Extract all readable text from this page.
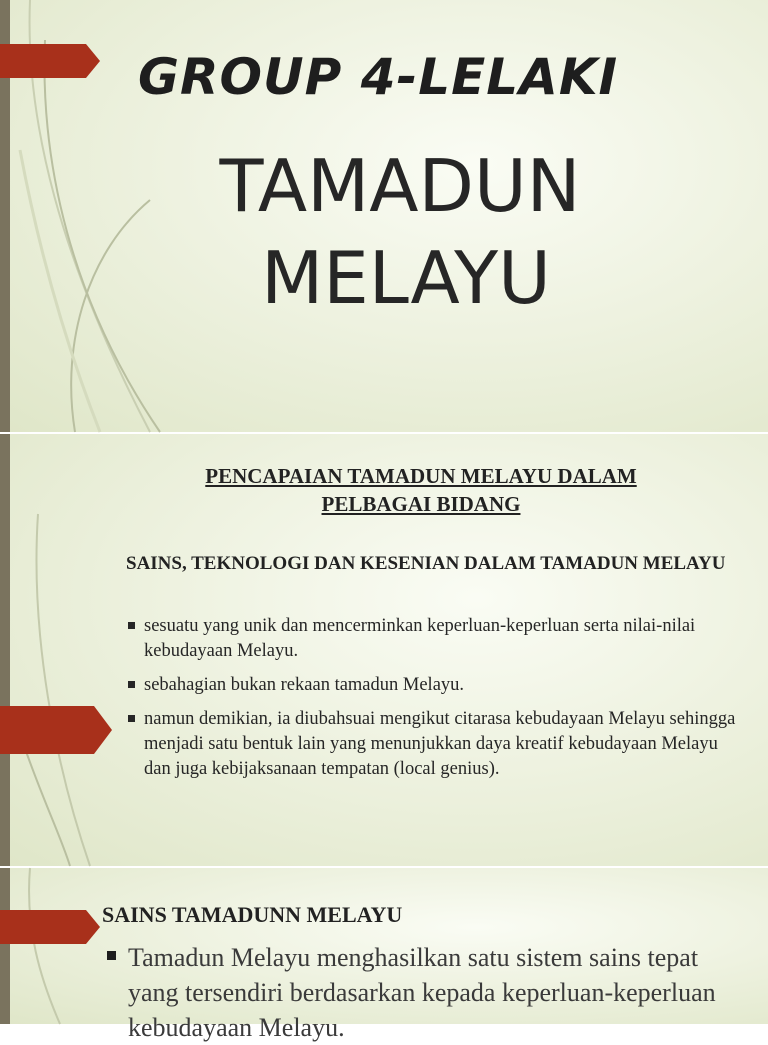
GROUP 4-LELAKI
TAMADUN
MELAYU
PENCAPAIAN TAMADUN MELAYU DALAM
PELBAGAI BIDANG
SAINS, TEKNOLOGI DAN KESENIAN DALAM TAMADUN MELAYU
sesuatu yang unik dan mencerminkan keperluan-keperluan serta nilai-nilai kebudayaan Melayu.
sebahagian bukan rekaan tamadun Melayu.
namun demikian, ia diubahsuai mengikut citarasa kebudayaan Melayu sehingga menjadi satu bentuk lain yang menunjukkan daya kreatif kebudayaan Melayu dan juga kebijaksanaan tempatan (local genius).
SAINS TAMADUNN MELAYU
Tamadun Melayu menghasilkan satu sistem sains tepat yang tersendiri berdasarkan kepada keperluan-keperluan kebudayaan Melayu.
